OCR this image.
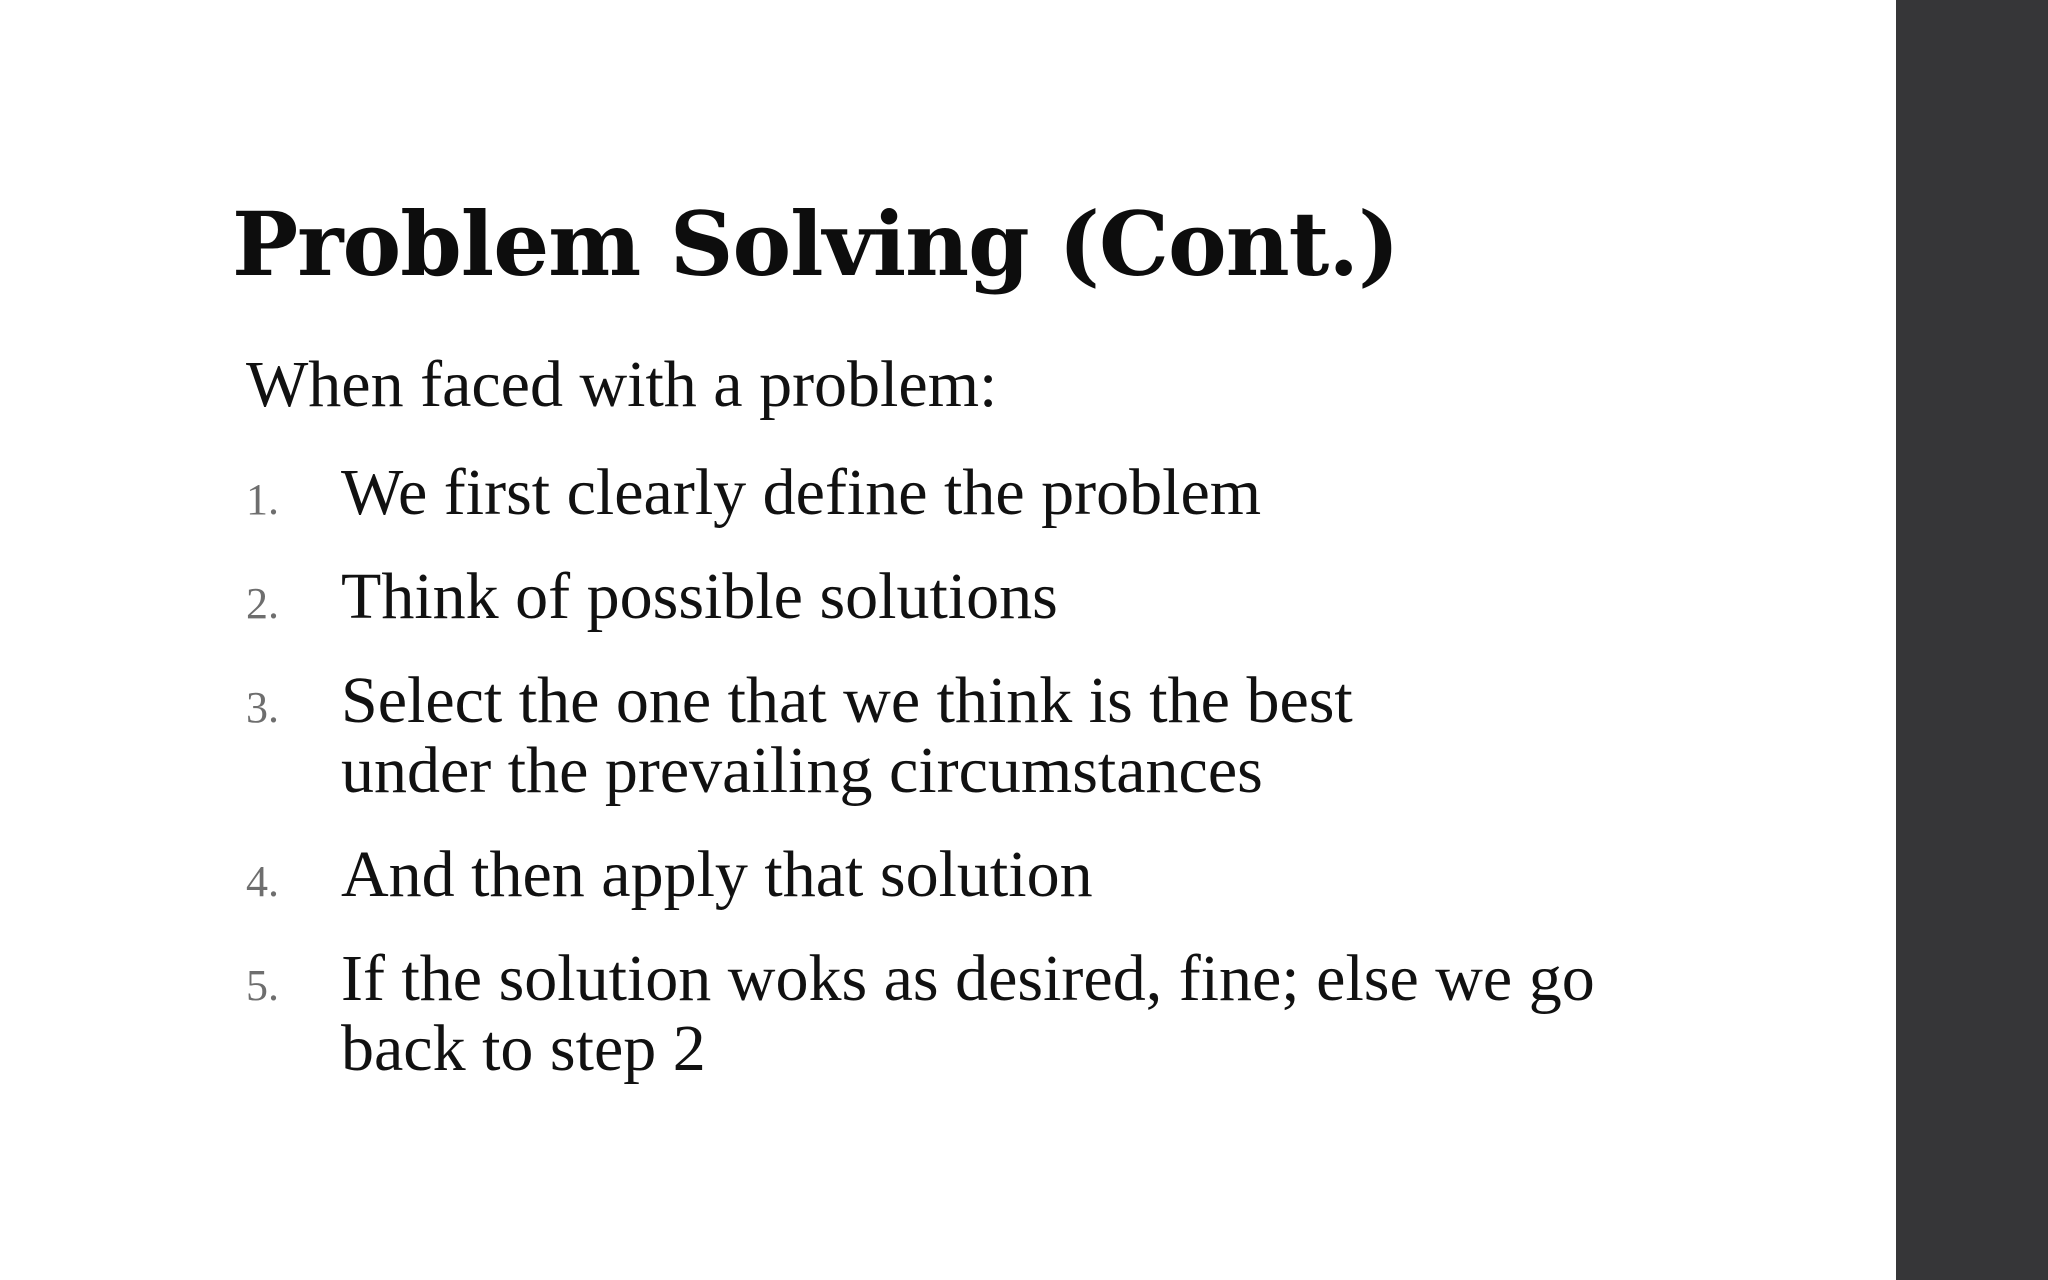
Problem Solving (Cont.)

When faced with a problem:

1. We first clearly define the problem
2. Think of possible solutions
3. Select the one that we think is the best under the prevailing circumstances
4. And then apply that solution
5. If the solution woks as desired, fine; else we go back to step 2
